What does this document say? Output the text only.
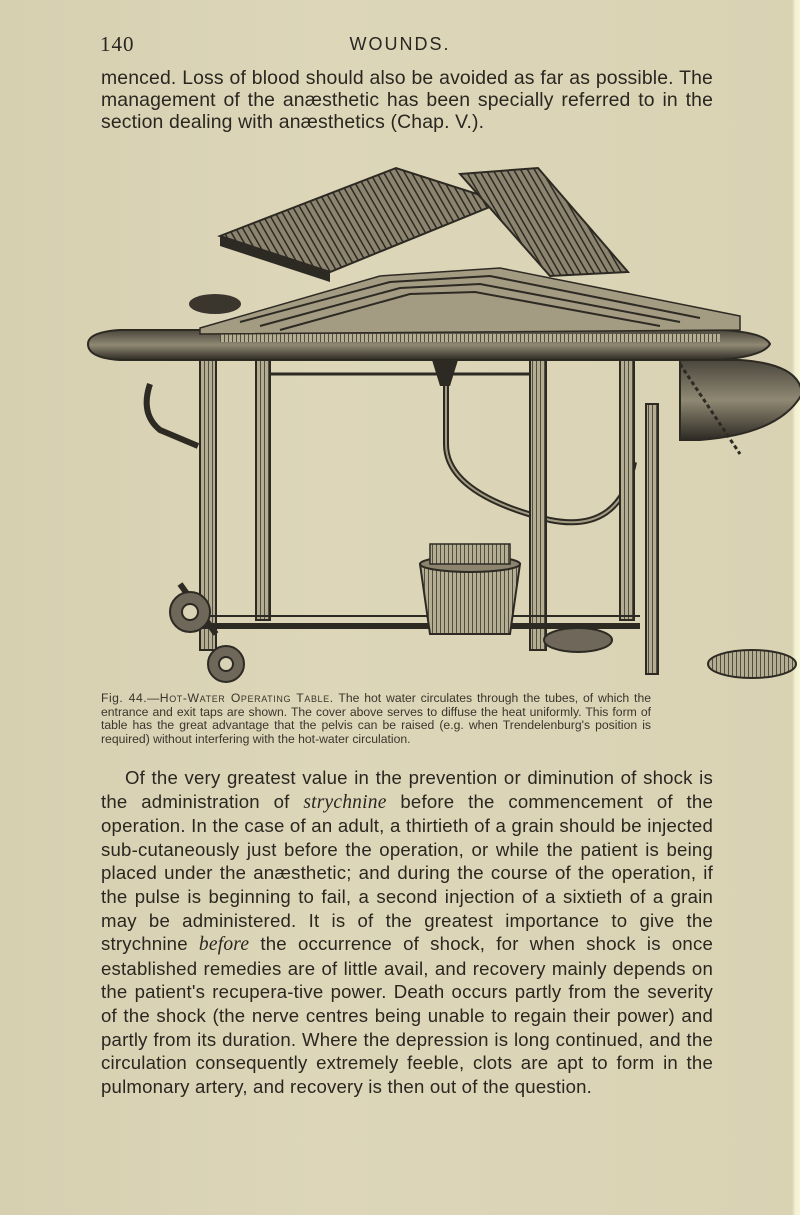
140	WOUNDS.

menced. Loss of blood should also be avoided as far as possible. The management of the anæsthetic has been specially referred to in the section dealing with anæsthetics (Chap. V.).

Fig. 44.—Hot-Water Operating Table. The hot water circulates through the tubes, of which the entrance and exit taps are shown. The cover above serves to diffuse the heat uniformly. This form of table has the great advantage that the pelvis can be raised (e.g. when Trendelenburg's position is required) without interfering with the hot-water circulation.

Of the very greatest value in the prevention or diminution of shock is the administration of strychnine before the commencement of the operation. In the case of an adult, a thirtieth of a grain should be injected sub-cutaneously just before the operation, or while the patient is being placed under the anæsthetic; and during the course of the operation, if the pulse is beginning to fail, a second injection of a sixtieth of a grain may be administered. It is of the greatest importance to give the strychnine before the occurrence of shock, for when shock is once established remedies are of little avail, and recovery mainly depends on the patient's recupera-tive power. Death occurs partly from the severity of the shock (the nerve centres being unable to regain their power) and partly from its duration. Where the depression is long continued, and the circulation consequently extremely feeble, clots are apt to form in the pulmonary artery, and recovery is then out of the question.
